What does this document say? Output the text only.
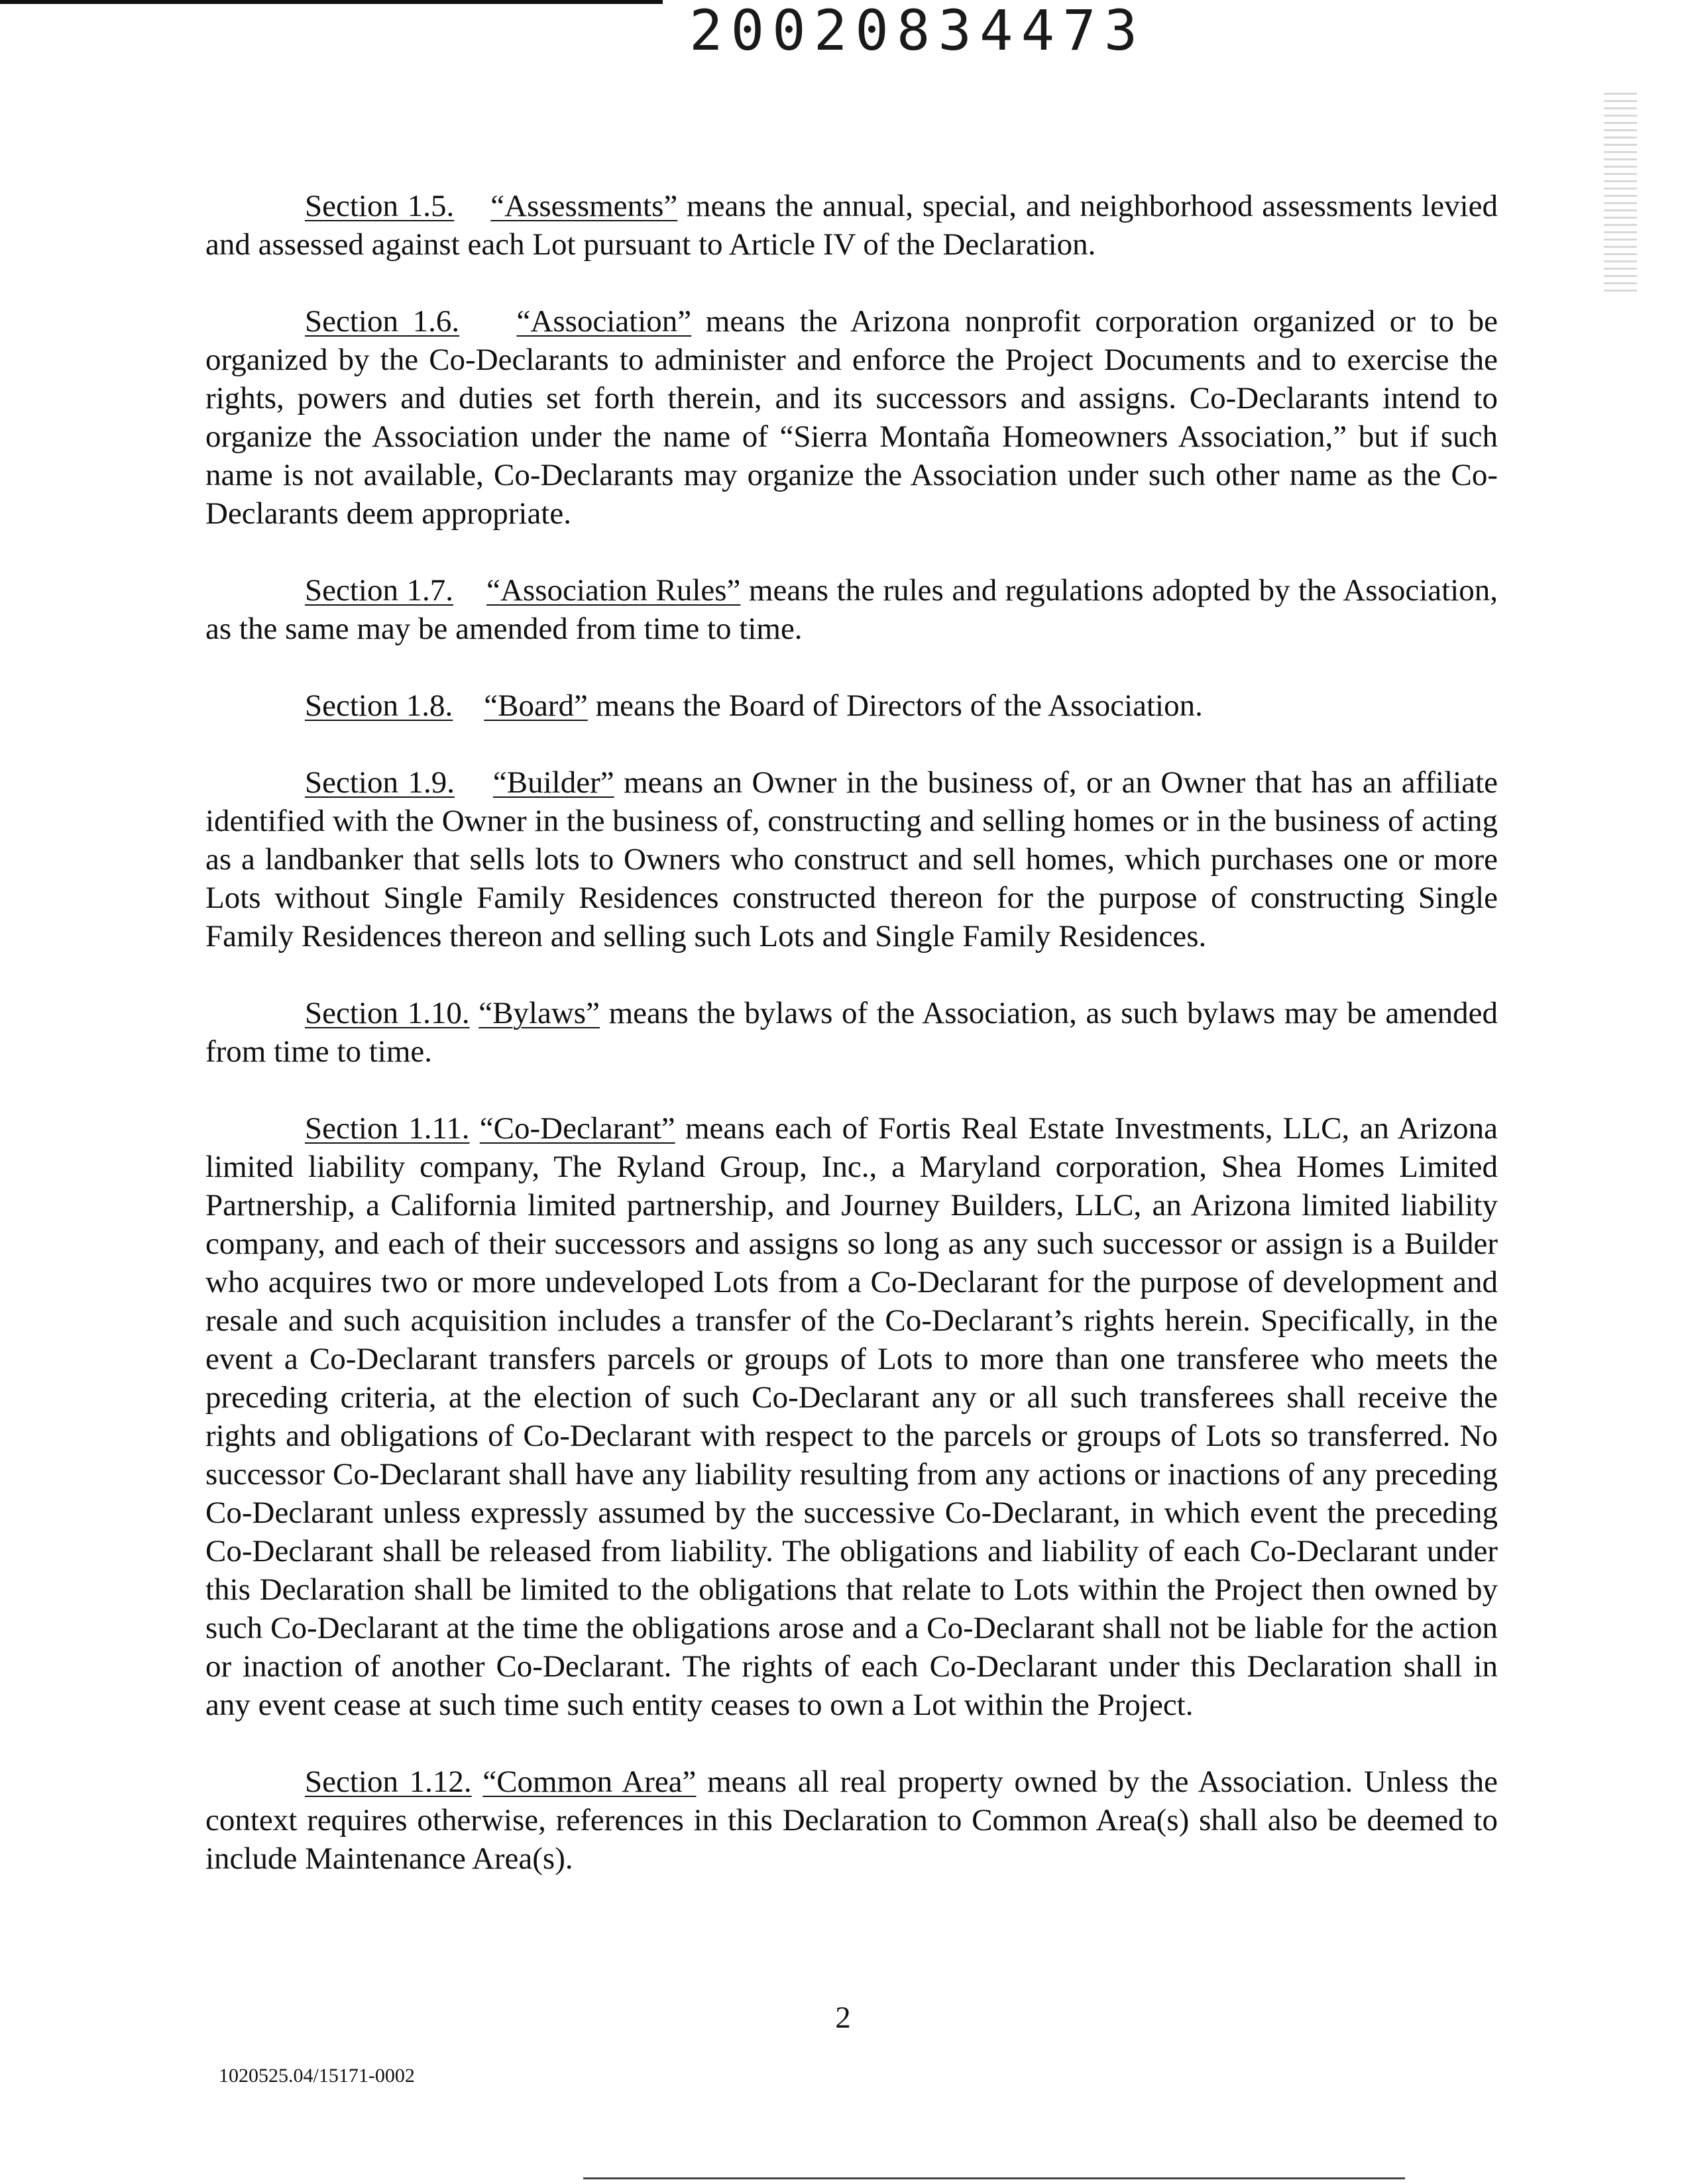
20020834473

Section 1.5. “Assessments” means the annual, special, and neighborhood assessments levied and assessed against each Lot pursuant to Article IV of the Declaration.

Section 1.6. “Association” means the Arizona nonprofit corporation organized or to be organized by the Co-Declarants to administer and enforce the Project Documents and to exercise the rights, powers and duties set forth therein, and its successors and assigns. Co-Declarants intend to organize the Association under the name of “Sierra Montaña Homeowners Association,” but if such name is not available, Co-Declarants may organize the Association under such other name as the Co-Declarants deem appropriate.

Section 1.7. “Association Rules” means the rules and regulations adopted by the Association, as the same may be amended from time to time.

Section 1.8. “Board” means the Board of Directors of the Association.

Section 1.9. “Builder” means an Owner in the business of, or an Owner that has an affiliate identified with the Owner in the business of, constructing and selling homes or in the business of acting as a landbanker that sells lots to Owners who construct and sell homes, which purchases one or more Lots without Single Family Residences constructed thereon for the purpose of constructing Single Family Residences thereon and selling such Lots and Single Family Residences.

Section 1.10. “Bylaws” means the bylaws of the Association, as such bylaws may be amended from time to time.

Section 1.11. “Co-Declarant” means each of Fortis Real Estate Investments, LLC, an Arizona limited liability company, The Ryland Group, Inc., a Maryland corporation, Shea Homes Limited Partnership, a California limited partnership, and Journey Builders, LLC, an Arizona limited liability company, and each of their successors and assigns so long as any such successor or assign is a Builder who acquires two or more undeveloped Lots from a Co-Declarant for the purpose of development and resale and such acquisition includes a transfer of the Co-Declarant’s rights herein. Specifically, in the event a Co-Declarant transfers parcels or groups of Lots to more than one transferee who meets the preceding criteria, at the election of such Co-Declarant any or all such transferees shall receive the rights and obligations of Co-Declarant with respect to the parcels or groups of Lots so transferred. No successor Co-Declarant shall have any liability resulting from any actions or inactions of any preceding Co-Declarant unless expressly assumed by the successive Co-Declarant, in which event the preceding Co-Declarant shall be released from liability. The obligations and liability of each Co-Declarant under this Declaration shall be limited to the obligations that relate to Lots within the Project then owned by such Co-Declarant at the time the obligations arose and a Co-Declarant shall not be liable for the action or inaction of another Co-Declarant. The rights of each Co-Declarant under this Declaration shall in any event cease at such time such entity ceases to own a Lot within the Project.

Section 1.12. “Common Area” means all real property owned by the Association. Unless the context requires otherwise, references in this Declaration to Common Area(s) shall also be deemed to include Maintenance Area(s).

2
1020525.04/15171-0002
